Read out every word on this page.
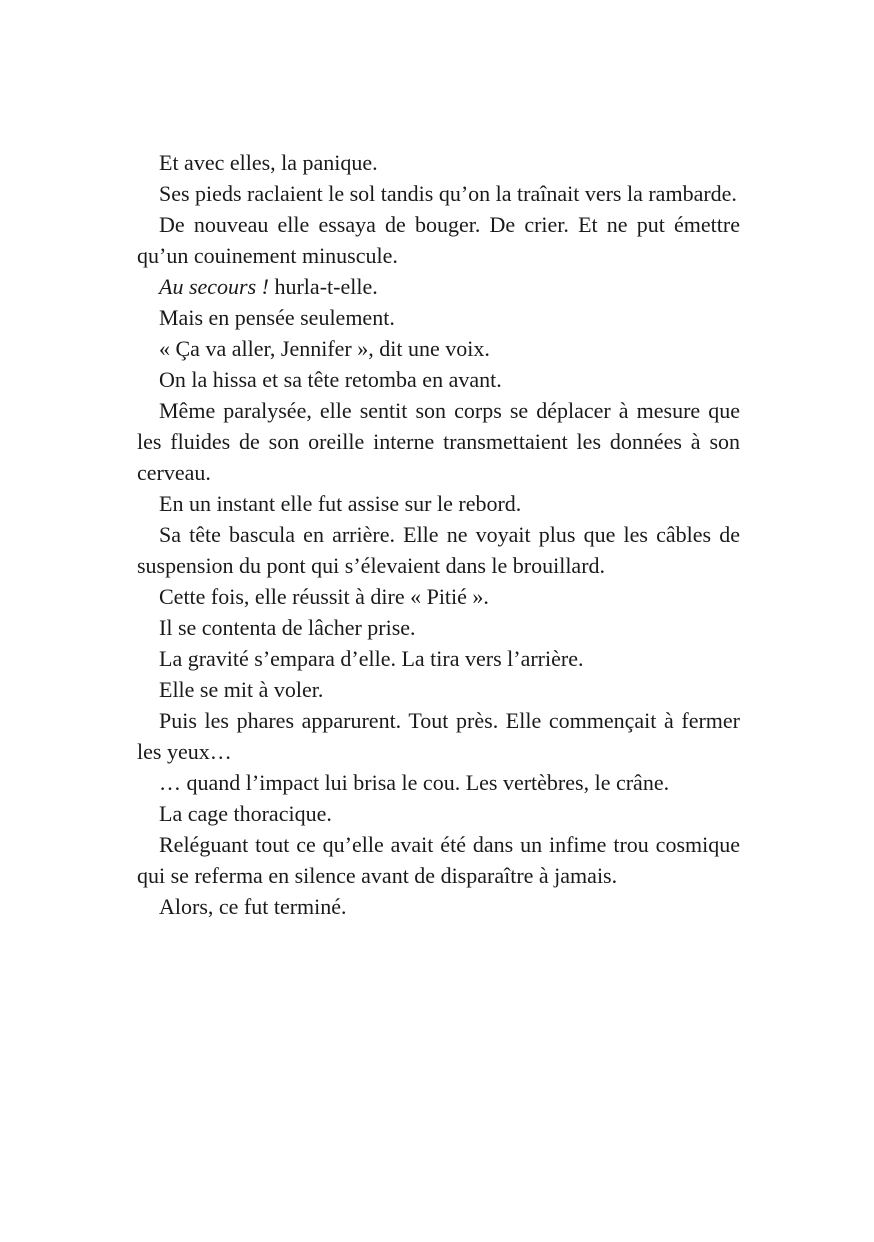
Et avec elles, la panique.

Ses pieds raclaient le sol tandis qu’on la traînait vers la rambarde.

De nouveau elle essaya de bouger. De crier. Et ne put émettre qu’un couinement minuscule.

Au secours ! hurla-t-elle.

Mais en pensée seulement.

« Ça va aller, Jennifer », dit une voix.

On la hissa et sa tête retomba en avant.

Même paralysée, elle sentit son corps se déplacer à mesure que les fluides de son oreille interne transmettaient les données à son cerveau.

En un instant elle fut assise sur le rebord.

Sa tête bascula en arrière. Elle ne voyait plus que les câbles de suspension du pont qui s’élevaient dans le brouillard.

Cette fois, elle réussit à dire « Pitié ».

Il se contenta de lâcher prise.

La gravité s’empara d’elle. La tira vers l’arrière.

Elle se mit à voler.

Puis les phares apparurent. Tout près. Elle commençait à fermer les yeux…

… quand l’impact lui brisa le cou. Les vertèbres, le crâne.

La cage thoracique.

Reléguant tout ce qu’elle avait été dans un infime trou cosmique qui se referma en silence avant de disparaître à jamais.

Alors, ce fut terminé.
